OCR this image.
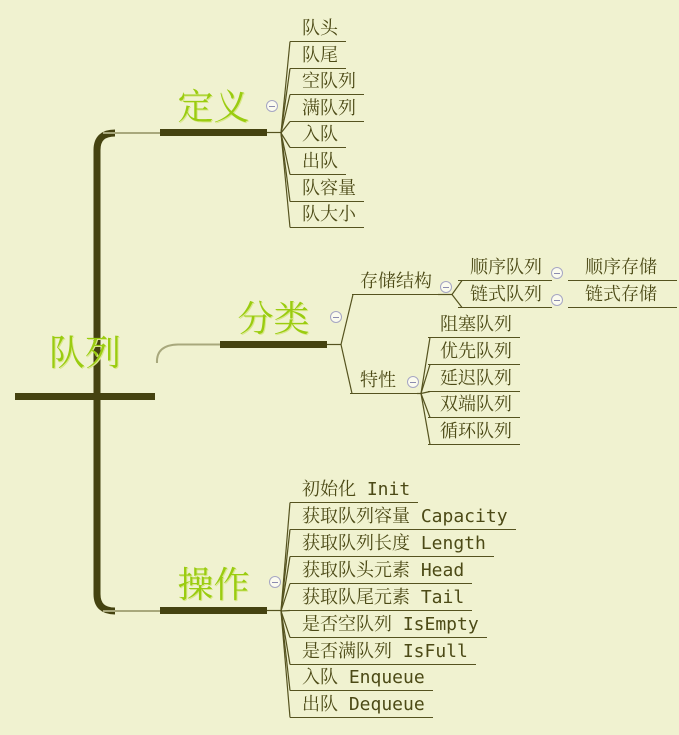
队列
定义
分类
操作
队头
队尾
空队列
满队列
入队
出队
队容量
队大小
存储结构
顺序队列	顺序存储
链式队列	链式存储
特性
阻塞队列
优先队列
延迟队列
双端队列
循环队列
初始化 Init
获取队列容量 Capacity
获取队列长度 Length
获取队头元素 Head
获取队尾元素 Tail
是否空队列 IsEmpty
是否满队列 IsFull
入队 Enqueue
出队 Dequeue
